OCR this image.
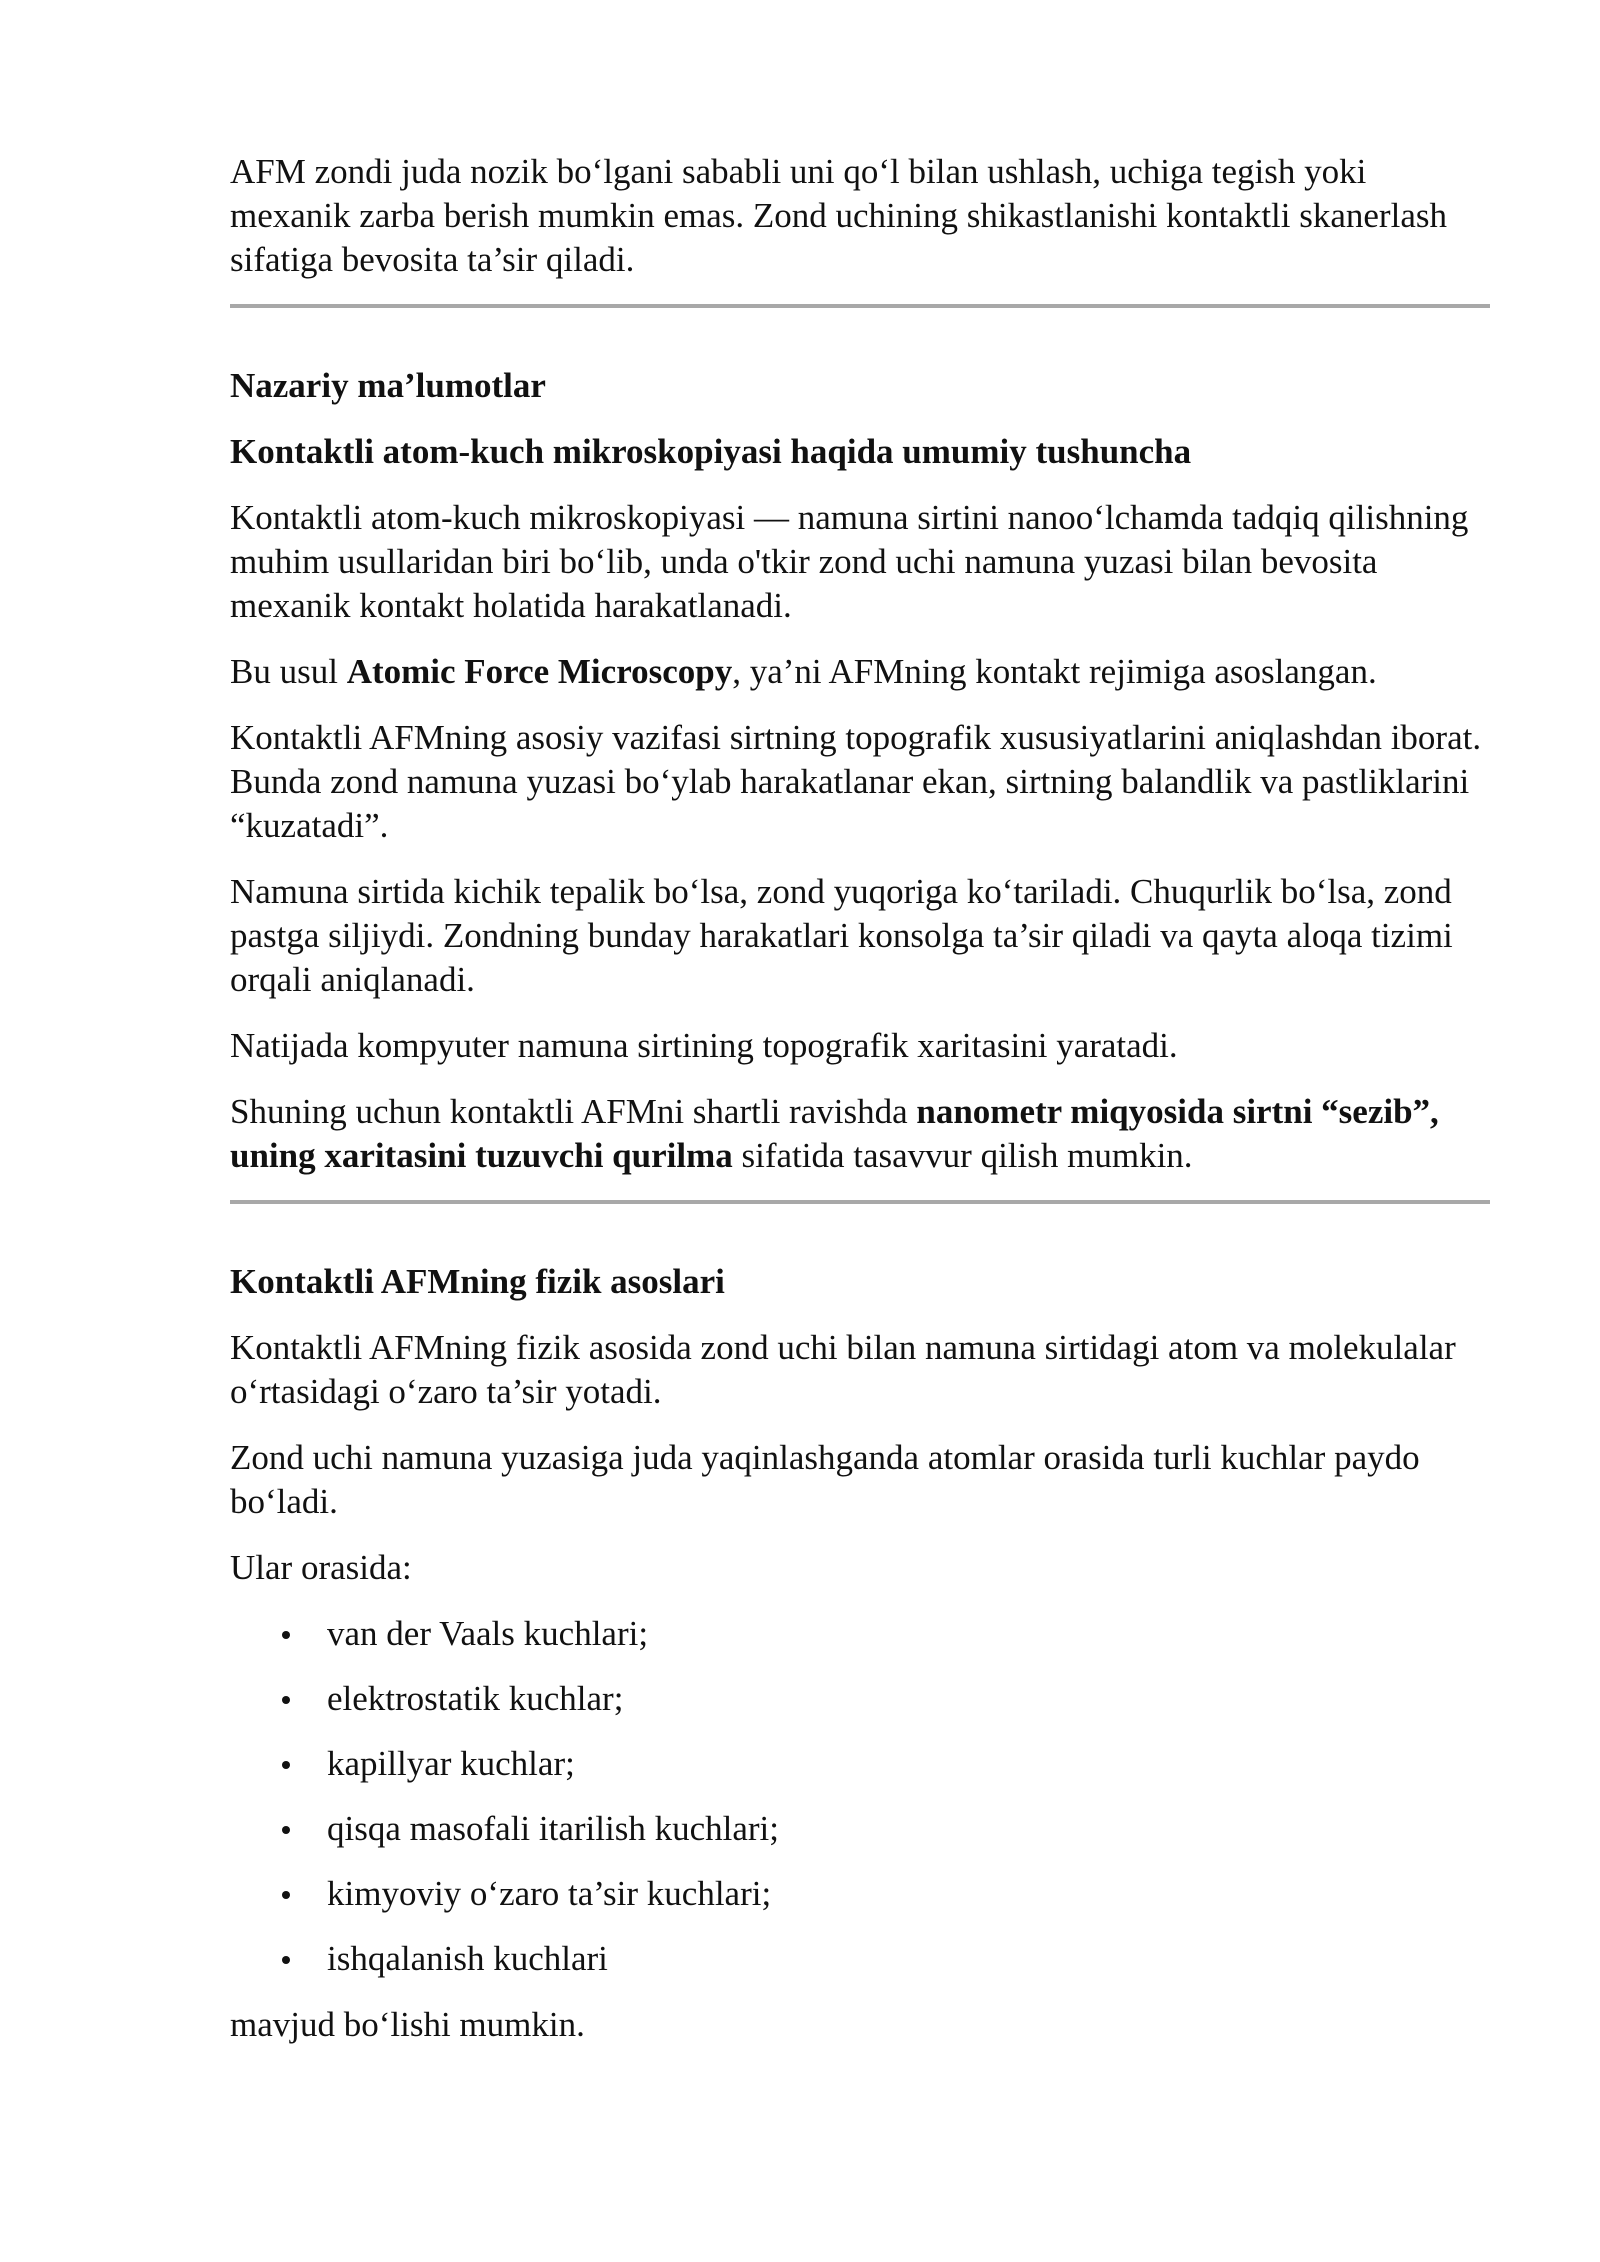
AFM zondi juda nozik bo‘lgani sababli uni qo‘l bilan ushlash, uchiga tegish yoki mexanik zarba berish mumkin emas. Zond uchining shikastlanishi kontaktli skanerlash sifatiga bevosita ta’sir qiladi.

Nazariy ma’lumotlar
Kontaktli atom-kuch mikroskopiyasi haqida umumiy tushuncha

Kontaktli atom-kuch mikroskopiyasi — namuna sirtini nanoo‘lchamda tadqiq qilishning muhim usullaridan biri bo‘lib, unda o'tkir zond uchi namuna yuzasi bilan bevosita mexanik kontakt holatida harakatlanadi.

Bu usul Atomic Force Microscopy, ya’ni AFMning kontakt rejimiga asoslangan.

Kontaktli AFMning asosiy vazifasi sirtning topografik xususiyatlarini aniqlashdan iborat. Bunda zond namuna yuzasi bo‘ylab harakatlanar ekan, sirtning balandlik va pastliklarini “kuzatadi”.

Namuna sirtida kichik tepalik bo‘lsa, zond yuqoriga ko‘tariladi. Chuqurlik bo‘lsa, zond pastga siljiydi. Zondning bunday harakatlari konsolga ta’sir qiladi va qayta aloqa tizimi orqali aniqlanadi.

Natijada kompyuter namuna sirtining topografik xaritasini yaratadi.

Shuning uchun kontaktli AFMni shartli ravishda nanometr miqyosida sirtni “sezib”, uning xaritasini tuzuvchi qurilma sifatida tasavvur qilish mumkin.

Kontaktli AFMning fizik asoslari

Kontaktli AFMning fizik asosida zond uchi bilan namuna sirtidagi atom va molekulalar o‘rtasidagi o‘zaro ta’sir yotadi.

Zond uchi namuna yuzasiga juda yaqinlashganda atomlar orasida turli kuchlar paydo bo‘ladi.

Ular orasida:

van der Vaals kuchlari;
elektrostatik kuchlar;
kapillyar kuchlar;
qisqa masofali itarilish kuchlari;
kimyoviy o‘zaro ta’sir kuchlari;
ishqalanish kuchlari

mavjud bo‘lishi mumkin.
